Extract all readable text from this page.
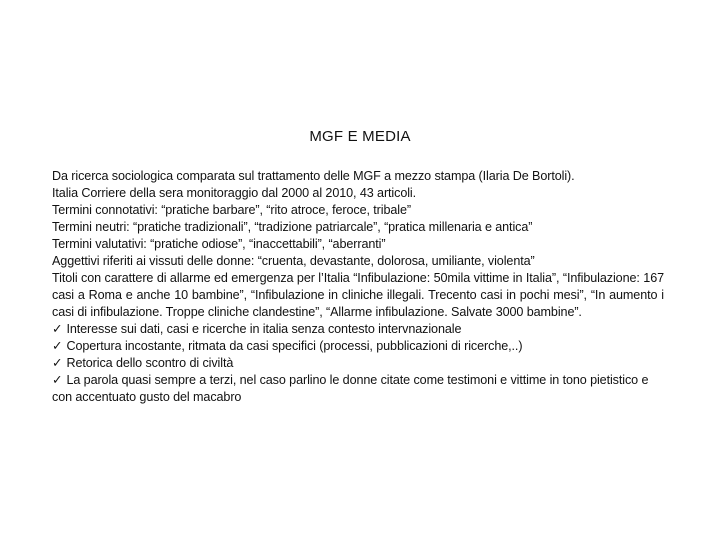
MGF E MEDIA
Da ricerca sociologica comparata sul trattamento delle MGF a mezzo stampa (Ilaria De Bortoli).
Italia Corriere della sera monitoraggio dal 2000 al 2010, 43 articoli.
Termini connotativi: “pratiche barbare”, “rito atroce, feroce, tribale”
Termini neutri: “pratiche tradizionali”, “tradizione patriarcale”, “pratica millenaria e antica”
Termini valutativi: “pratiche odiose”, “inaccettabili”, “aberranti”
Aggettivi riferiti ai vissuti delle donne: “cruenta, devastante, dolorosa, umiliante, violenta”
Titoli con carattere di allarme ed emergenza per l’Italia “Infibulazione: 50mila vittime in Italia”, “Infibulazione: 167 casi a Roma e anche 10 bambine”, “Infibulazione in cliniche illegali. Trecento casi in pochi mesi”, “In aumento i casi di infibulazione. Troppe cliniche clandestine”, “Allarme infibulazione. Salvate 3000 bambine”.
✓ Interesse sui dati, casi e ricerche in italia senza contesto intervnazionale
✓ Copertura incostante, ritmata da casi specifici (processi, pubblicazioni di ricerche,..)
✓ Retorica dello scontro di civiltà
✓ La parola quasi sempre a terzi, nel caso parlino le donne citate come testimoni e vittime in tono pietistico e con accentuato gusto del macabro
